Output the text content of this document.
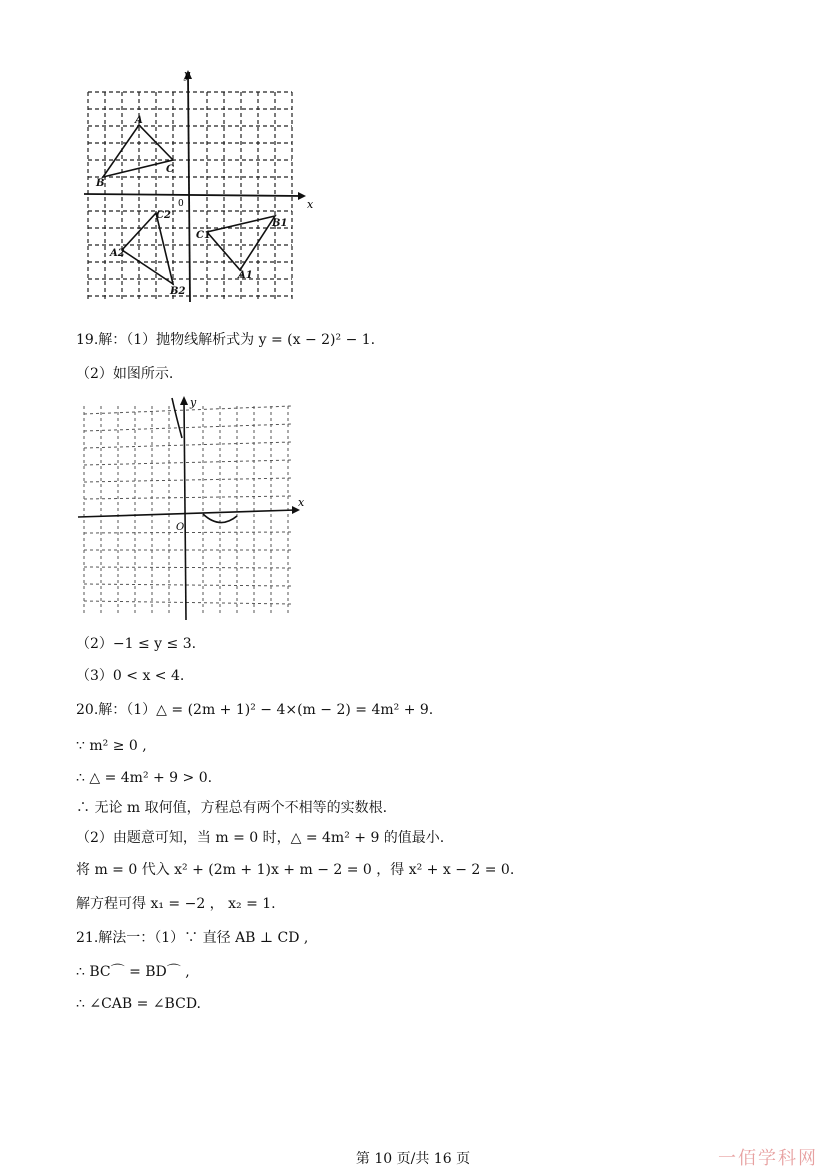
x
y
0
A
B
C
A1
B1
C1
A2
B2
C2
19.解：（1）抛物线解析式为 y = (x − 2)² − 1.
（2）如图所示.
x
y
O
（2）−1 ≤ y ≤ 3.
（3）0 < x < 4.
20.解：（1）△ = (2m + 1)² − 4×(m − 2) = 4m² + 9.
∵ m² ≥ 0 ,
∴ △ = 4m² + 9 > 0.
∴ 无论 m 取何值，方程总有两个不相等的实数根.
（2）由题意可知，当 m = 0 时，△ = 4m² + 9 的值最小.
将 m = 0 代入 x² + (2m + 1)x + m − 2 = 0 ，得 x² + x − 2 = 0.
解方程可得 x₁ = −2 ， x₂ = 1.
21.解法一：（1）∵ 直径 AB ⊥ CD ,
∴ BC⌒ = BD⌒ ,
∴ ∠CAB = ∠BCD.
第 10 页/共 16 页	一佰学科网
